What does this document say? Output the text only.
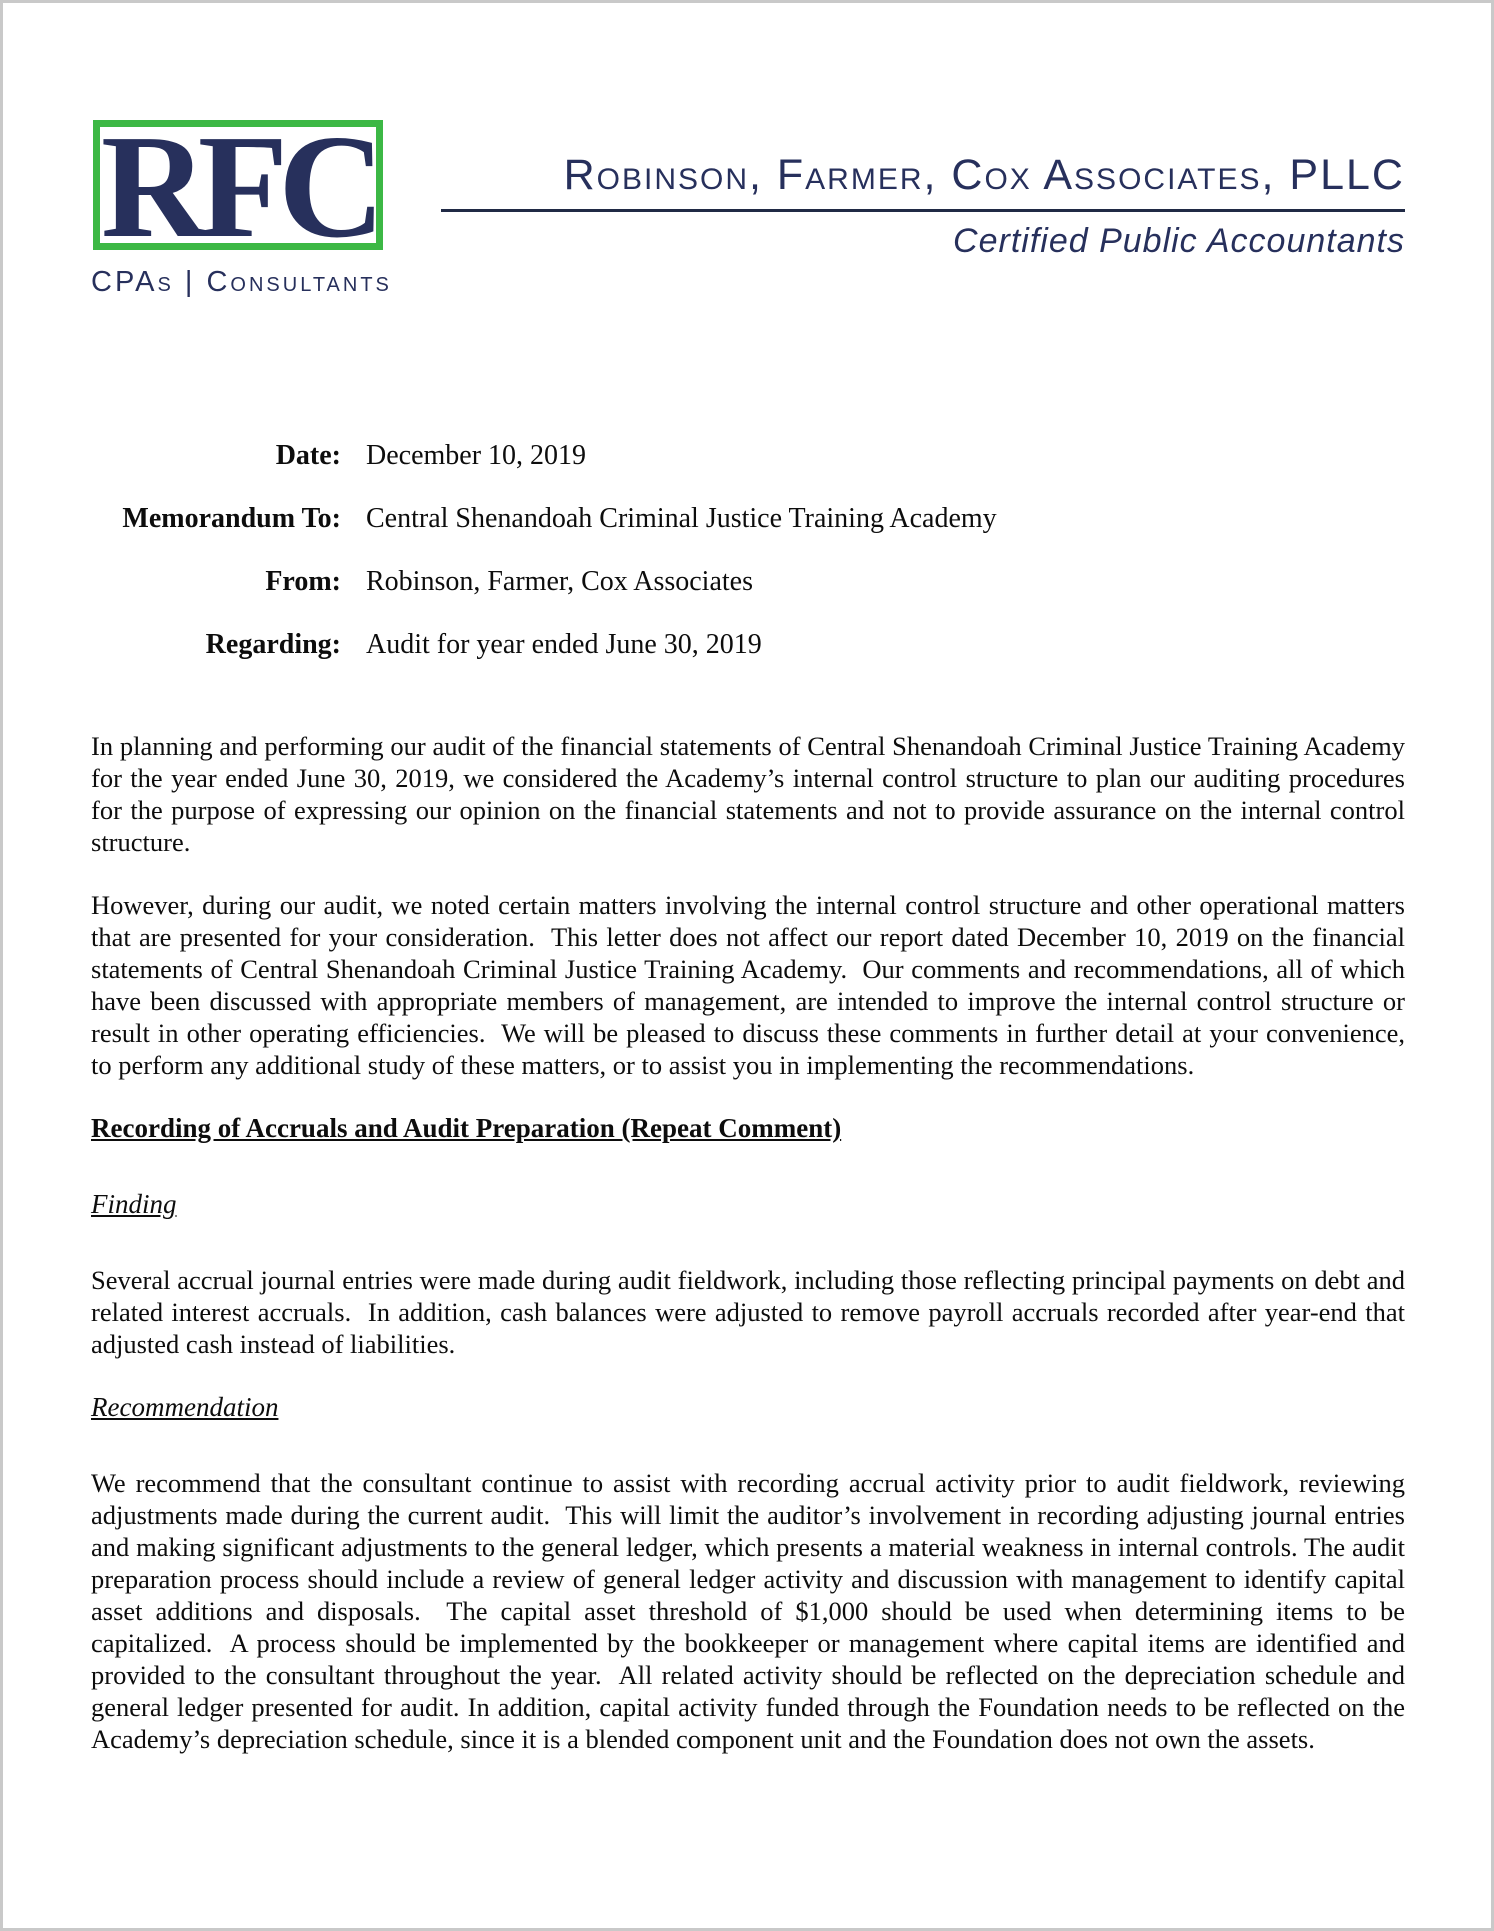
RFC
CPAs | Consultants
Robinson, Farmer, Cox Associates, PLLC
Certified Public Accountants
Date: December 10, 2019
Memorandum To: Central Shenandoah Criminal Justice Training Academy
From: Robinson, Farmer, Cox Associates
Regarding: Audit for year ended June 30, 2019

In planning and performing our audit of the financial statements of Central Shenandoah Criminal Justice Training Academy for the year ended June 30, 2019, we considered the Academy’s internal control structure to plan our auditing procedures for the purpose of expressing our opinion on the financial statements and not to provide assurance on the internal control structure.

However, during our audit, we noted certain matters involving the internal control structure and other operational matters that are presented for your consideration.  This letter does not affect our report dated December 10, 2019 on the financial statements of Central Shenandoah Criminal Justice Training Academy.  Our comments and recommendations, all of which have been discussed with appropriate members of management, are intended to improve the internal control structure or result in other operating efficiencies.  We will be pleased to discuss these comments in further detail at your convenience, to perform any additional study of these matters, or to assist you in implementing the recommendations.

Recording of Accruals and Audit Preparation (Repeat Comment)
Finding

Several accrual journal entries were made during audit fieldwork, including those reflecting principal payments on debt and related interest accruals.  In addition, cash balances were adjusted to remove payroll accruals recorded after year-end that adjusted cash instead of liabilities.

Recommendation

We recommend that the consultant continue to assist with recording accrual activity prior to audit fieldwork, reviewing adjustments made during the current audit.  This will limit the auditor’s involvement in recording adjusting journal entries and making significant adjustments to the general ledger, which presents a material weakness in internal controls. The audit preparation process should include a review of general ledger activity and discussion with management to identify capital asset additions and disposals.  The capital asset threshold of $1,000 should be used when determining items to be capitalized.  A process should be implemented by the bookkeeper or management where capital items are identified and provided to the consultant throughout the year.  All related activity should be reflected on the depreciation schedule and general ledger presented for audit. In addition, capital activity funded through the Foundation needs to be reflected on the Academy’s depreciation schedule, since it is a blended component unit and the Foundation does not own the assets.
